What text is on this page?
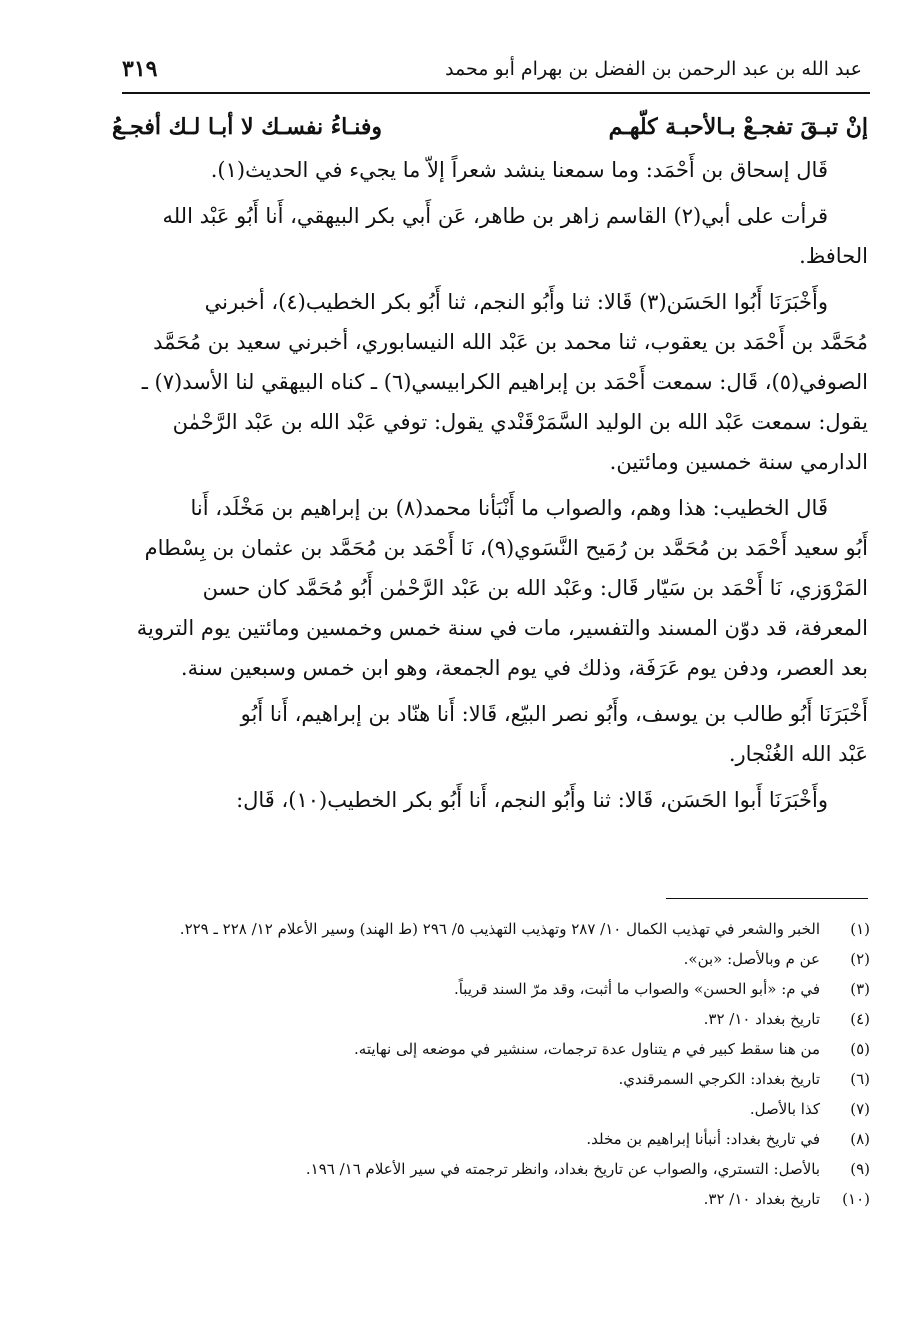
عبد الله بن عبد الرحمن بن الفضل بن بهرام أبو محمد
٣١٩
إنْ تبـقَ تفجـعْ بـالأحبـة كلّهـم
وفنـاءُ نفسـك لا أبـا لـك أفجـعُ
قَال إسحاق بن أَحْمَد: وما سمعنا ينشد شعراً إلاّ ما يجيء في الحديث(١).
قرأت على أبي(٢) القاسم زاهر بن طاهر، عَن أَبي بكر البيهقي، أَنا أَبُو عَبْد الله
الحافظ.
وأَخْبَرَنَا أَبُوا الحَسَن(٣) قَالا: ثنا وأَبُو النجم، ثنا أَبُو بكر الخطيب(٤)، أخبرني
مُحَمَّد بن أَحْمَد بن يعقوب، ثنا محمد بن عَبْد الله النيسابوري، أخبرني سعيد بن مُحَمَّد
الصوفي(٥)، قَال: سمعت أَحْمَد بن إبراهيم الكرابيسي(٦) ـ كناه البيهقي لنا الأسد(٧) ـ
يقول: سمعت عَبْد الله بن الوليد السَّمَرْقَنْدي يقول: توفي عَبْد الله بن عَبْد الرَّحْمٰن
الدارمي سنة خمسين ومائتين.
قَال الخطيب: هذا وهم، والصواب ما أَنْبَأنا محمد(٨) بن إبراهيم بن مَخْلَد، أَنا
أَبُو سعيد أَحْمَد بن مُحَمَّد بن رُمَيح النَّسَوي(٩)، نَا أَحْمَد بن مُحَمَّد بن عثمان بن بِسْطام
المَرْوَزي، نَا أَحْمَد بن سَيّار قَال: وعَبْد الله بن عَبْد الرَّحْمٰن أَبُو مُحَمَّد كان حسن
المعرفة، قد دوّن المسند والتفسير، مات في سنة خمس وخمسين ومائتين يوم التروية
بعد العصر، ودفن يوم عَرَفَة، وذلك في يوم الجمعة، وهو ابن خمس وسبعين سنة.
أَخْبَرَنَا أَبُو طالب بن يوسف، وأَبُو نصر البيّع، قَالا: أَنا هنّاد بن إبراهيم، أَنا أَبُو
عَبْد الله الغُنْجار.
وأَخْبَرَنَا أَبوا الحَسَن، قَالا: ثنا وأَبُو النجم، أَنا أَبُو بكر الخطيب(١٠)، قَال:
(١)
الخبر والشعر في تهذيب الكمال ١٠/ ٢٨٧ وتهذيب التهذيب ٥/ ٢٩٦ (ط الهند) وسير الأعلام ١٢/ ٢٢٨ ـ ٢٢٩.
(٢)
عن م وبالأصل: «بن».
(٣)
في م: «أبو الحسن» والصواب ما أثبت، وقد مرّ السند قريباً.
(٤)
تاريخ بغداد ١٠/ ٣٢.
(٥)
من هنا سقط كبير في م يتناول عدة ترجمات، سنشير في موضعه إلى نهايته.
(٦)
تاريخ بغداد: الكرجي السمرقندي.
(٧)
كذا بالأصل.
(٨)
في تاريخ بغداد: أنبأنا إبراهيم بن مخلد.
(٩)
بالأصل: التستري، والصواب عن تاريخ بغداد، وانظر ترجمته في سير الأعلام ١٦/ ١٩٦.
(١٠)
تاريخ بغداد ١٠/ ٣٢.
